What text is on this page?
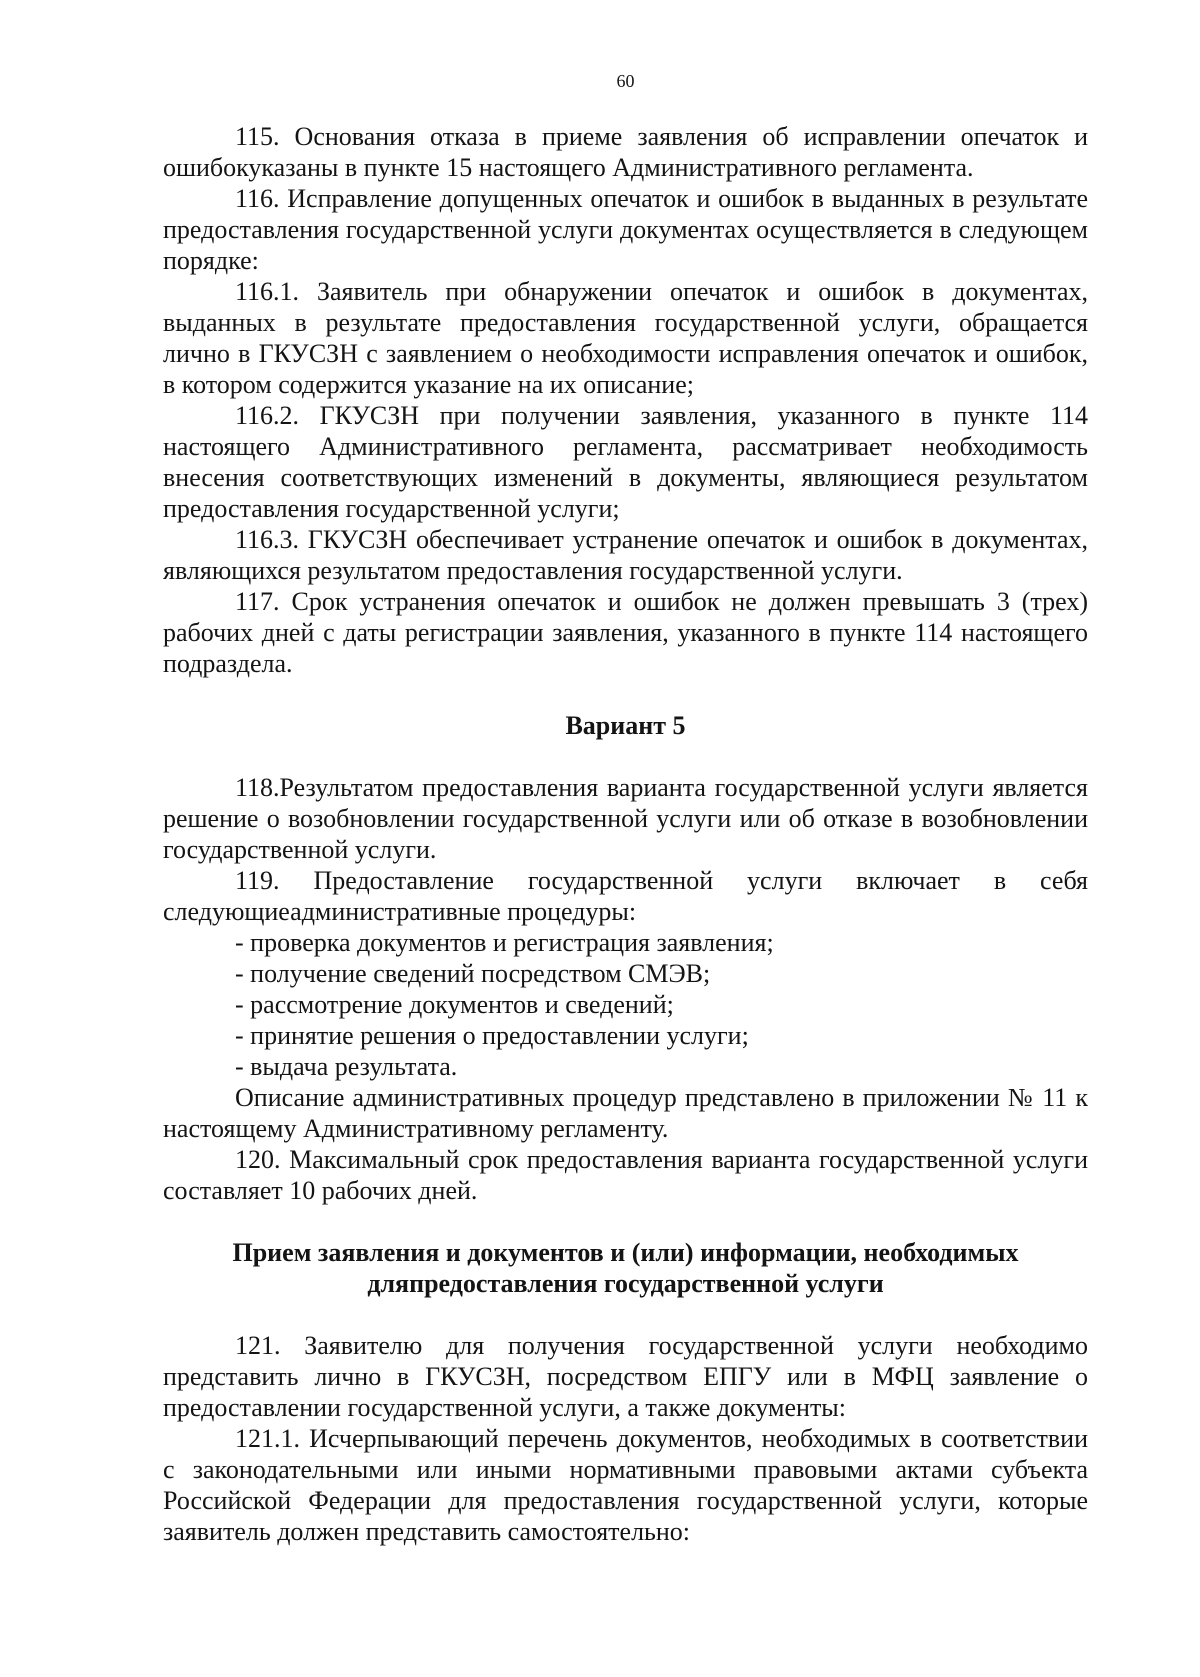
60

115. Основания отказа в приеме заявления об исправлении опечаток и ошибокуказаны в пункте 15 настоящего Административного регламента.

116. Исправление допущенных опечаток и ошибок в выданных в результате предоставления государственной услуги документах осуществляется в следующем порядке:

116.1. Заявитель при обнаружении опечаток и ошибок в документах, выданных в результате предоставления государственной услуги, обращается лично в ГКУСЗН с заявлением о необходимости исправления опечаток и ошибок, в котором содержится указание на их описание;

116.2. ГКУСЗН при получении заявления, указанного в пункте 114 настоящего Административного регламента, рассматривает необходимость внесения соответствующих изменений в документы, являющиеся результатом предоставления государственной услуги;

116.3. ГКУСЗН обеспечивает устранение опечаток и ошибок в документах, являющихся результатом предоставления государственной услуги.

117. Срок устранения опечаток и ошибок не должен превышать 3 (трех) рабочих дней с даты регистрации заявления, указанного в пункте 114 настоящего подраздела.

Вариант 5

118.Результатом предоставления варианта государственной услуги является решение о возобновлении государственной услуги или об отказе в возобновлении государственной услуги.

119. Предоставление государственной услуги включает в себя следующиеадминистративные процедуры:

- проверка документов и регистрация заявления;

- получение сведений посредством СМЭВ;

- рассмотрение документов и сведений;

- принятие решения о предоставлении услуги;

- выдача результата.

Описание административных процедур представлено в приложении № 11 к настоящему Административному регламенту.

120. Максимальный срок предоставления варианта государственной услуги составляет 10 рабочих дней.

Прием заявления и документов и (или) информации, необходимых

дляпредоставления государственной услуги

121. Заявителю для получения государственной услуги необходимо представить лично в ГКУСЗН, посредством ЕПГУ или в МФЦ заявление о предоставлении государственной услуги, а также документы:

121.1. Исчерпывающий перечень документов, необходимых в соответствии с законодательными или иными нормативными правовыми актами субъекта Российской Федерации для предоставления государственной услуги, которые заявитель должен представить самостоятельно:
